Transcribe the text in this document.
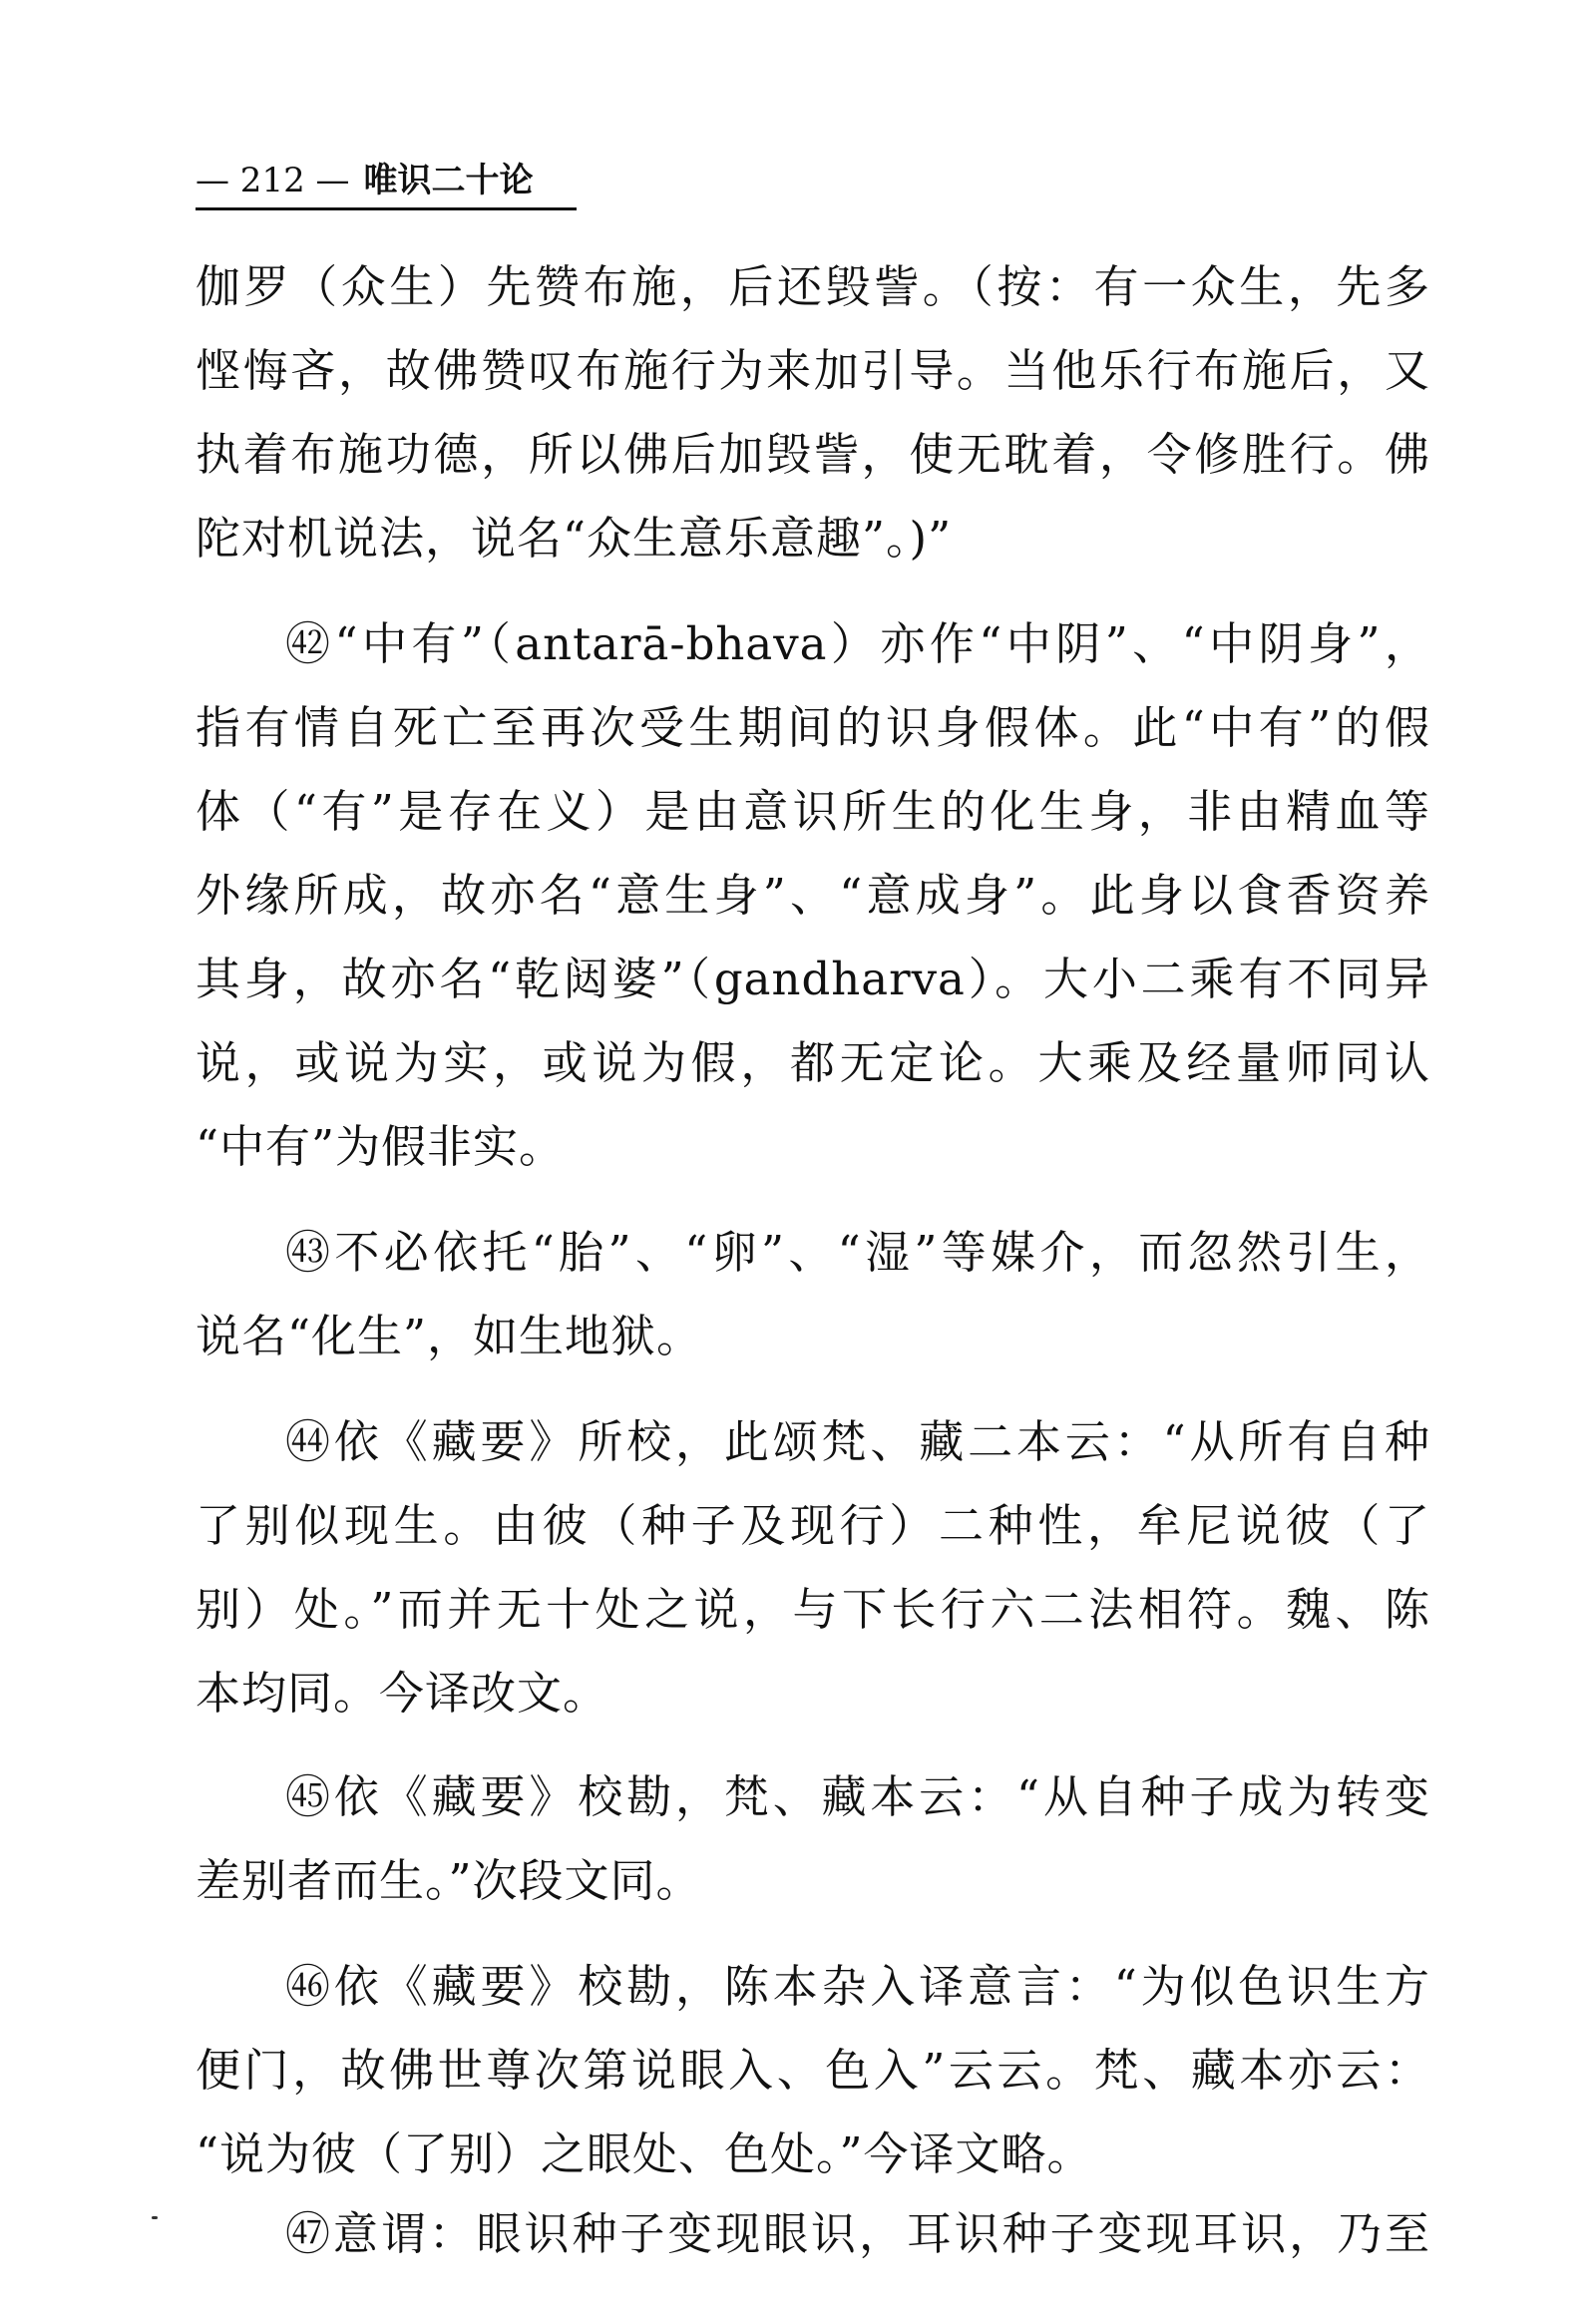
— 212 — 唯识二十论
伽罗（众生）先赞布施，后还毁訾。（按：有一众生，先多
悭悔吝，故佛赞叹布施行为来加引导。当他乐行布施后，又
执着布施功德，所以佛后加毁訾，使无耽着，令修胜行。佛
陀对机说法，说名“众生意乐意趣”。)”
㊷“中有”（antarā-bhava）亦作“中阴”、“中阴身”，
指有情自死亡至再次受生期间的识身假体。此“中有”的假
体（“有”是存在义）是由意识所生的化生身，非由精血等
外缘所成，故亦名“意生身”、“意成身”。此身以食香资养
其身，故亦名“乾闼婆”（gandharva）。大小二乘有不同异
说，或说为实，或说为假，都无定论。大乘及经量师同认
“中有”为假非实。
㊸不必依托“胎”、“卵”、“湿”等媒介，而忽然引生，
说名“化生”，如生地狱。
㊹依《藏要》所校，此颂梵、藏二本云：“从所有自种
了别似现生。由彼（种子及现行）二种性，牟尼说彼（了
别）处。”而并无十处之说，与下长行六二法相符。魏、陈
本均同。今译改文。
㊺依《藏要》校勘，梵、藏本云：“从自种子成为转变
差别者而生。”次段文同。
㊻依《藏要》校勘，陈本杂入译意言：“为似色识生方
便门，故佛世尊次第说眼入、色入”云云。梵、藏本亦云：
“说为彼（了别）之眼处、色处。”今译文略。
㊼意谓：眼识种子变现眼识，耳识种子变现耳识，乃至
